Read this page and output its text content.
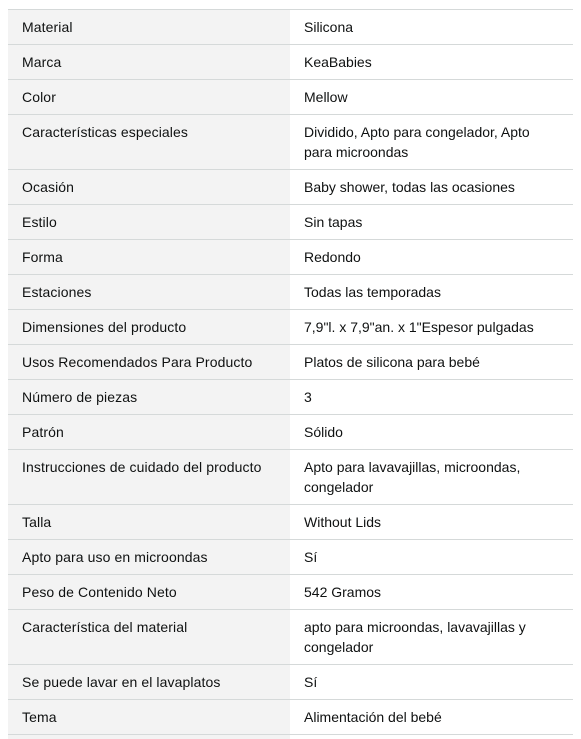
Material	Silicona
Marca	KeaBabies
Color	Mellow
Características especiales	Dividido, Apto para congelador, Apto para microondas
Ocasión	Baby shower, todas las ocasiones
Estilo	Sin tapas
Forma	Redondo
Estaciones	Todas las temporadas
Dimensiones del producto	7,9"l. x 7,9"an. x 1"Espesor pulgadas
Usos Recomendados Para Producto	Platos de silicona para bebé
Número de piezas	3
Patrón	Sólido
Instrucciones de cuidado del producto	Apto para lavavajillas, microondas, congelador
Talla	Without Lids
Apto para uso en microondas	Sí
Peso de Contenido Neto	542 Gramos
Característica del material	apto para microondas, lavavajillas y congelador
Se puede lavar en el lavaplatos	Sí
Tema	Alimentación del bebé
